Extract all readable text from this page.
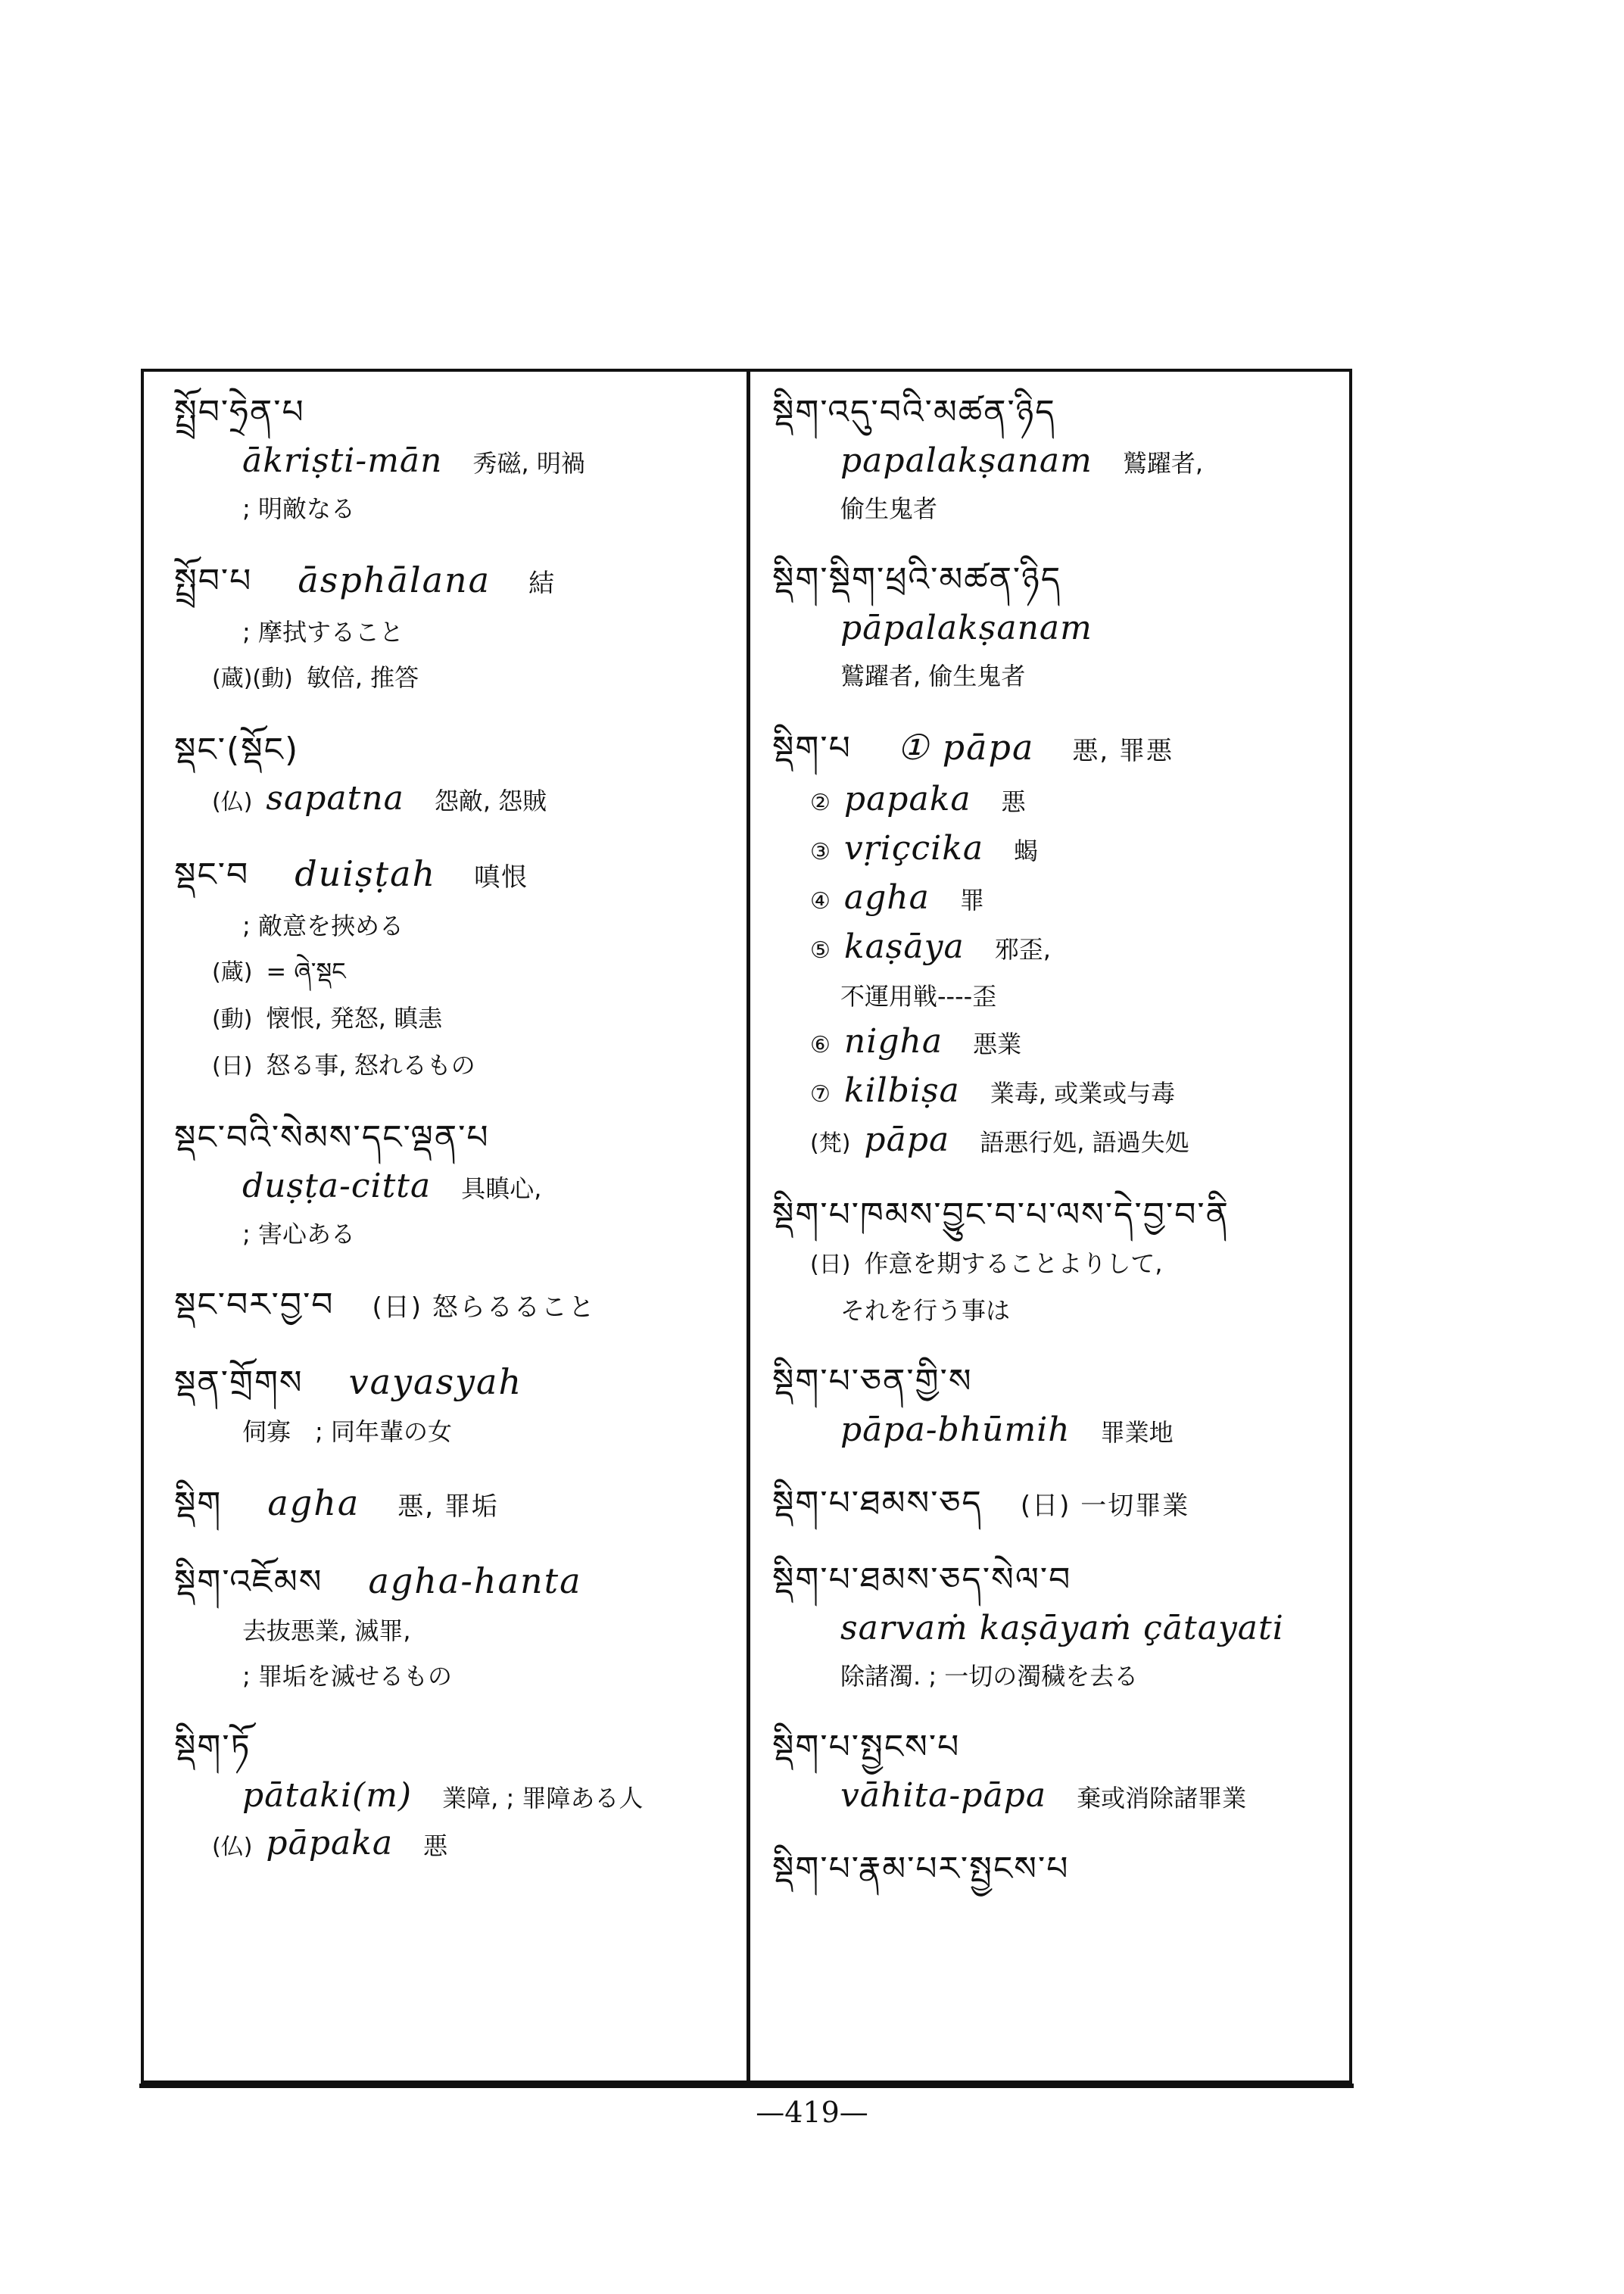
སྤྲོབ་ཧྲེན་པ
ākriṣti-mān 秀磁, 明禍
; 明敵なる
སྤྲོབ་པ āsphālana 結
; 摩拭すること
(蔵)(動) 敏倍, 推答
སྡང་(སྡོང)
(仏) sapatna 怨敵, 怨賊
སྡང་བ duiṣṭah 嗔恨
; 敵意を挾める
(蔵) = ཞེ་སྡང
(動) 懐恨, 発怒, 瞋恚
(日) 怒る事, 怒れるもの
སྡང་བའི་སེམས་དང་ལྡན་པ
duṣṭa-citta 具瞋心,
; 害心ある
སྡང་བར་བྱ་བ (日) 怒らるること
སྡན་གྲོགས vayasyah
伺寡　; 同年輩の女
སྡིག agha 悪, 罪垢
སྡིག་འཇོམས agha-hanta
去抜悪業, 滅罪,
; 罪垢を滅せるもの
སྡིག་ཏོ
pātaki(m) 業障, ; 罪障ある人
(仏) pāpaka 悪
སྡིག་འདུ་བའི་མཚན་ཉིད
papalakṣanam 鷲躍者,
偷生鬼者
སྡིག་སྡིག་ཕྲའི་མཚན་ཉིད
pāpalakṣanam
鷲躍者, 偷生鬼者
སྡིག་པ ① pāpa 悪, 罪悪
② papaka 悪
③ vṛiçcika 蝎
④ agha 罪
⑤ kaṣāya 邪歪,
不運用戦----歪
⑥ nigha 悪業
⑦ kilbiṣa 業毒, 或業或与毒
(梵) pāpa 語悪行処, 語過失処
སྡིག་པ་ཁམས་བྱུང་བ་པ་ལས་དེ་བྱ་བ་ནི
(日) 作意を期することよりして,
それを行う事は
སྡིག་པ་ཅན་གྱི་ས
pāpa-bhūmih 罪業地
སྡིག་པ་ཐམས་ཅད (日) 一切罪業
སྡིག་པ་ཐམས་ཅད་སེལ་བ
sarvaṁ kaṣāyaṁ çātayati
除諸濁. ; 一切の濁穢を去る
སྡིག་པ་སྤྱངས་པ
vāhita-pāpa 棄或消除諸罪業
སྡིག་པ་རྣམ་པར་སྤྱངས་པ
—419—
